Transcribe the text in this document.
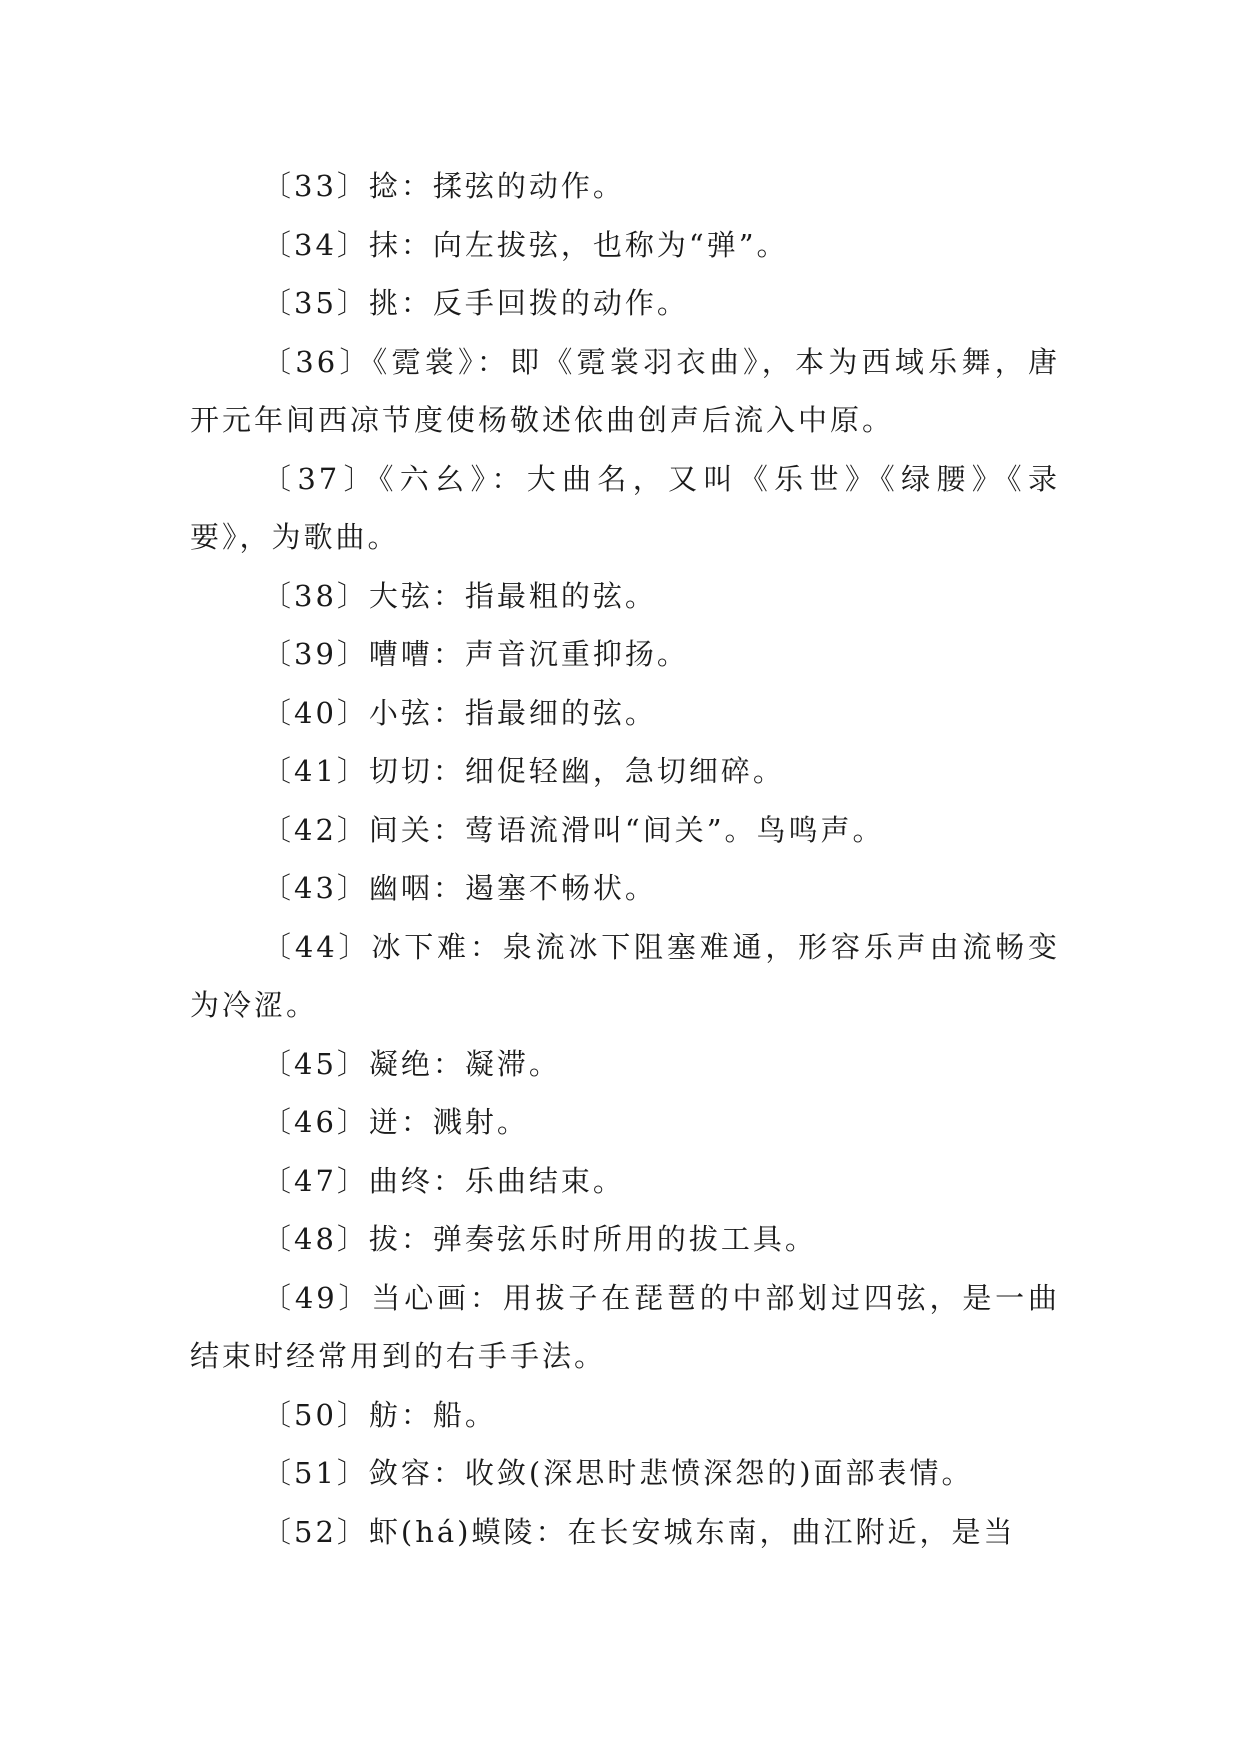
〔33〕捻：揉弦的动作。
〔34〕抹：向左拔弦，也称为“弹”。
〔35〕挑：反手回拨的动作。
〔36〕《霓裳》：即《霓裳羽衣曲》，本为西域乐舞，唐开元年间西凉节度使杨敬述依曲创声后流入中原。
〔37〕《六幺》：大曲名，又叫《乐世》《绿腰》《录要》，为歌曲。
〔38〕大弦：指最粗的弦。
〔39〕嘈嘈：声音沉重抑扬。
〔40〕小弦：指最细的弦。
〔41〕切切：细促轻幽，急切细碎。
〔42〕间关：莺语流滑叫“间关”。鸟鸣声。
〔43〕幽咽：遏塞不畅状。
〔44〕冰下难：泉流冰下阻塞难通，形容乐声由流畅变为冷涩。
〔45〕凝绝：凝滞。
〔46〕迸：溅射。
〔47〕曲终：乐曲结束。
〔48〕拔：弹奏弦乐时所用的拔工具。
〔49〕当心画：用拔子在琵琶的中部划过四弦，是一曲结束时经常用到的右手手法。
〔50〕舫：船。
〔51〕敛容：收敛(深思时悲愤深怨的)面部表情。
〔52〕虾(há)蟆陵：在长安城东南，曲江附近，是当
